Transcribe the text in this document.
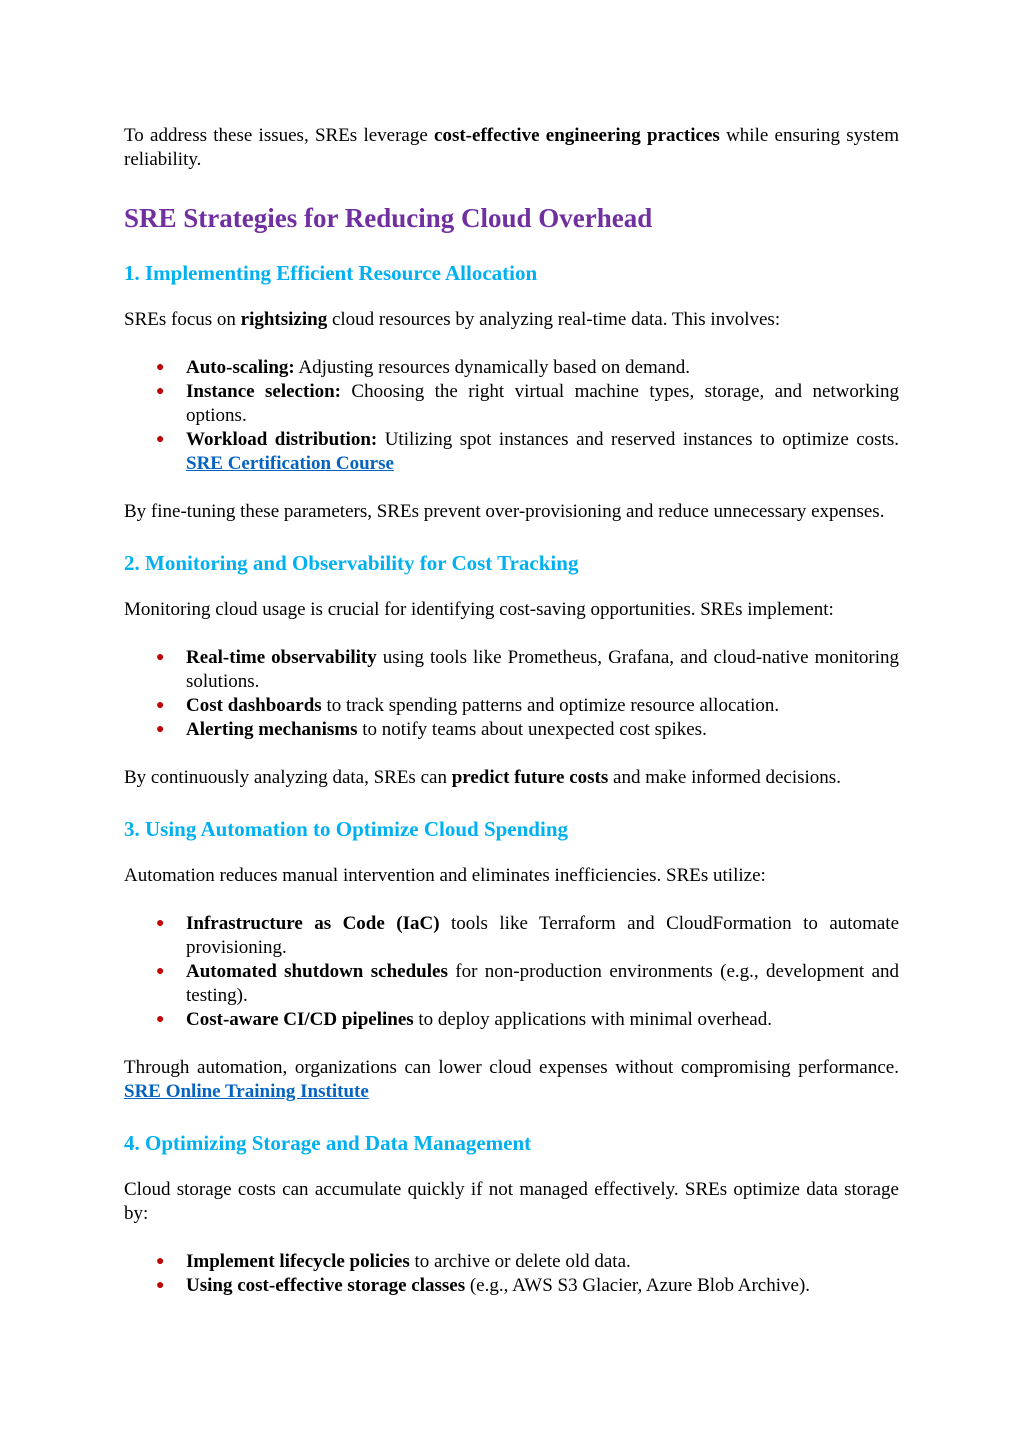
To address these issues, SREs leverage cost-effective engineering practices while ensuring system reliability.

SRE Strategies for Reducing Cloud Overhead
1. Implementing Efficient Resource Allocation

SREs focus on rightsizing cloud resources by analyzing real-time data. This involves:

● Auto-scaling: Adjusting resources dynamically based on demand.
● Instance selection: Choosing the right virtual machine types, storage, and networking options.
● Workload distribution: Utilizing spot instances and reserved instances to optimize costs. SRE Certification Course

By fine-tuning these parameters, SREs prevent over-provisioning and reduce unnecessary expenses.

2. Monitoring and Observability for Cost Tracking

Monitoring cloud usage is crucial for identifying cost-saving opportunities. SREs implement:

● Real-time observability using tools like Prometheus, Grafana, and cloud-native monitoring solutions.
● Cost dashboards to track spending patterns and optimize resource allocation.
● Alerting mechanisms to notify teams about unexpected cost spikes.

By continuously analyzing data, SREs can predict future costs and make informed decisions.

3. Using Automation to Optimize Cloud Spending

Automation reduces manual intervention and eliminates inefficiencies. SREs utilize:

● Infrastructure as Code (IaC) tools like Terraform and CloudFormation to automate provisioning.
● Automated shutdown schedules for non-production environments (e.g., development and testing).
● Cost-aware CI/CD pipelines to deploy applications with minimal overhead.

Through automation, organizations can lower cloud expenses without compromising performance. SRE Online Training Institute

4. Optimizing Storage and Data Management

Cloud storage costs can accumulate quickly if not managed effectively. SREs optimize data storage by:

● Implement lifecycle policies to archive or delete old data.
● Using cost-effective storage classes (e.g., AWS S3 Glacier, Azure Blob Archive).
